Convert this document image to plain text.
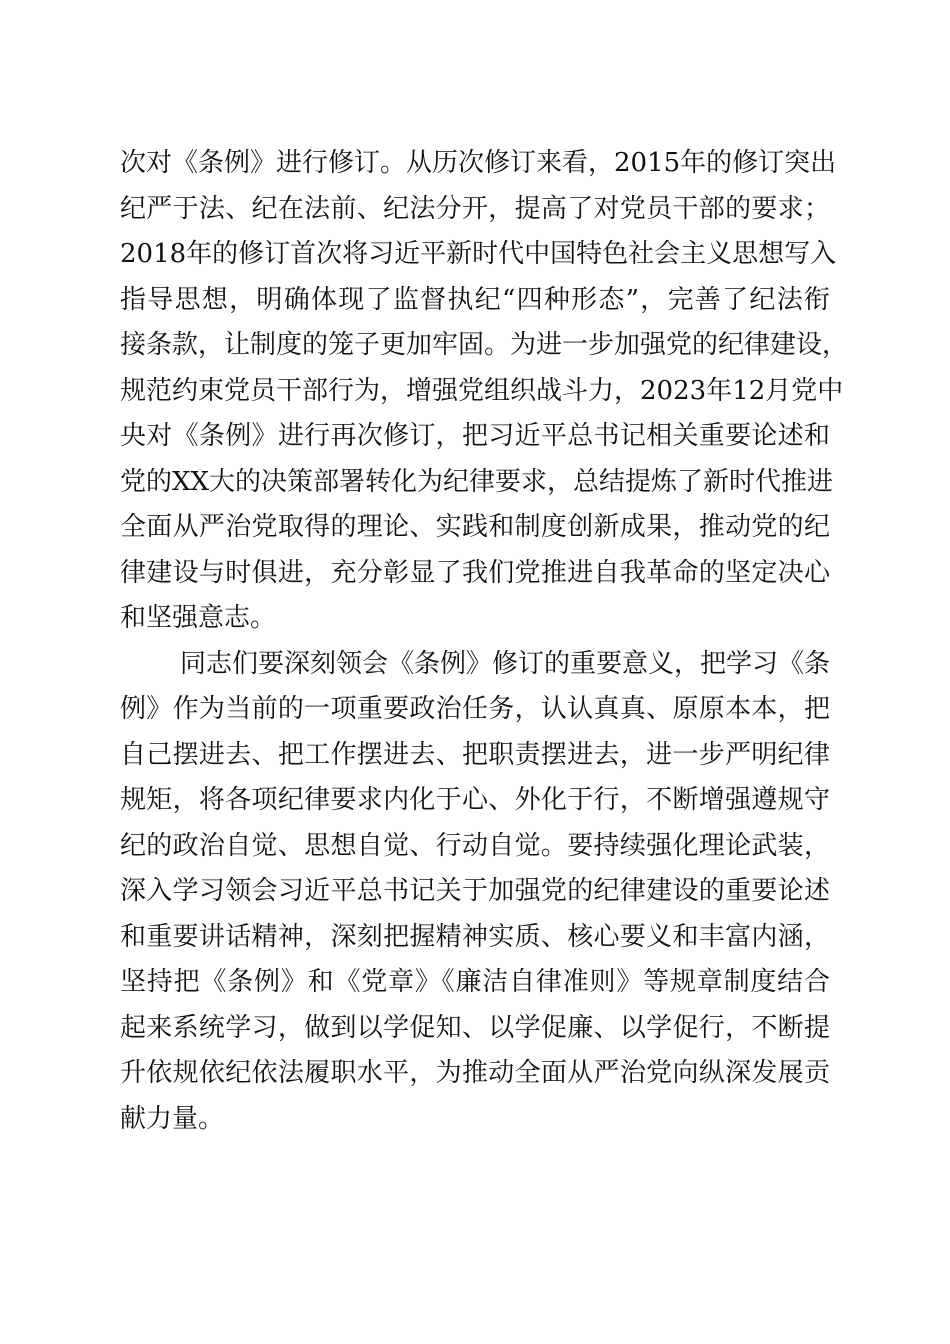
次对《条例》进行修订。从历次修订来看，2015年的修订突出
纪严于法、纪在法前、纪法分开，提高了对党员干部的要求；
2018年的修订首次将习近平新时代中国特色社会主义思想写入
指导思想，明确体现了监督执纪“四种形态”，完善了纪法衔
接条款，让制度的笼子更加牢固。为进一步加强党的纪律建设，
规范约束党员干部行为，增强党组织战斗力，2023年12月党中
央对《条例》进行再次修订，把习近平总书记相关重要论述和
党的XX大的决策部署转化为纪律要求，总结提炼了新时代推进
全面从严治党取得的理论、实践和制度创新成果，推动党的纪
律建设与时俱进，充分彰显了我们党推进自我革命的坚定决心
和坚强意志。
同志们要深刻领会《条例》修订的重要意义，把学习《条
例》作为当前的一项重要政治任务，认认真真、原原本本，把
自己摆进去、把工作摆进去、把职责摆进去，进一步严明纪律
规矩，将各项纪律要求内化于心、外化于行，不断增强遵规守
纪的政治自觉、思想自觉、行动自觉。要持续强化理论武装，
深入学习领会习近平总书记关于加强党的纪律建设的重要论述
和重要讲话精神，深刻把握精神实质、核心要义和丰富内涵，
坚持把《条例》和《党章》《廉洁自律准则》等规章制度结合
起来系统学习，做到以学促知、以学促廉、以学促行，不断提
升依规依纪依法履职水平，为推动全面从严治党向纵深发展贡
献力量。
